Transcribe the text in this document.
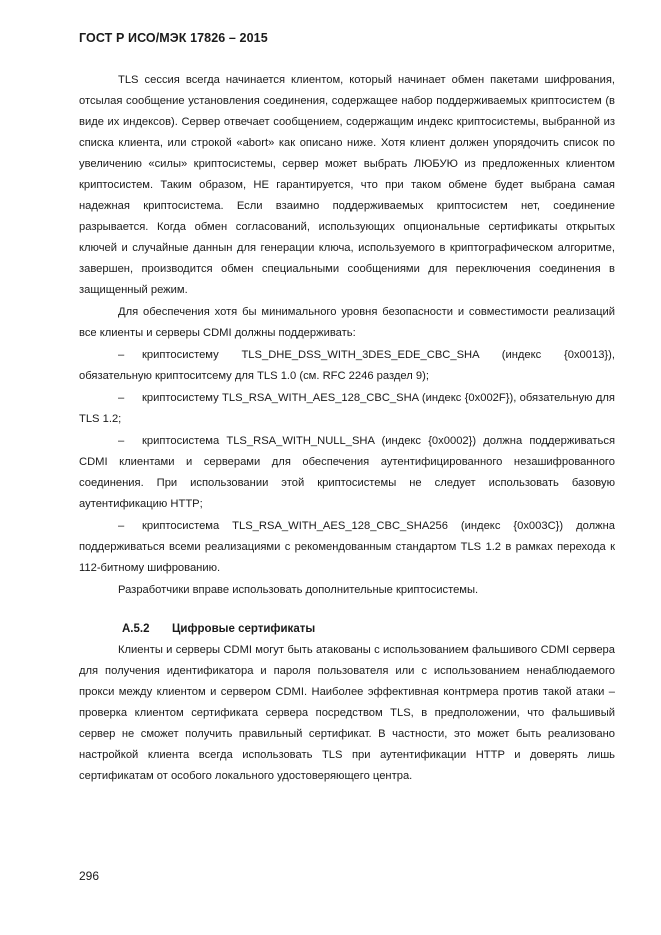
ГОСТ Р ИСО/МЭК 17826 – 2015

TLS сессия всегда начинается клиентом, который начинает обмен пакетами шифрования, отсылая сообщение установления соединения, содержащее набор поддерживаемых криптосистем (в виде их индексов). Сервер отвечает сообщением, содержащим индекс криптосистемы, выбранной из списка клиента, или строкой «abort» как описано ниже. Хотя клиент должен упорядочить список по увеличению «силы» криптосистемы, сервер может выбрать ЛЮБУЮ из предложенных клиентом криптосистем. Таким образом, НЕ гарантируется, что при таком обмене будет выбрана самая надежная криптосистема. Если взаимно поддерживаемых криптосистем нет, соединение разрывается. Когда обмен согласований, использующих опциональные сертификаты открытых ключей и случайные даннын для генерации ключа, используемого в криптографическом алгоритме, завершен, производится обмен специальными сообщениями для переключения соединения в защищенный режим.

Для обеспечения хотя бы минимального уровня безопасности и совместимости реализаций все клиенты и серверы CDMI должны поддерживать:

– криптосистему TLS_DHE_DSS_WITH_3DES_EDE_CBC_SHA (индекс {0x0013}), обязательную криптоситсему для TLS 1.0 (см. RFC 2246 раздел 9);

– криптосистему TLS_RSA_WITH_AES_128_CBC_SHA (индекс {0x002F}), обязательную для TLS 1.2;

– криптосистема TLS_RSA_WITH_NULL_SHA (индекс {0x0002}) должна поддерживаться CDMI клиентами и серверами для обеспечения аутентифицированного незашифрованного соединения. При использовании этой криптосистемы не следует использовать базовую аутентификацию HTTP;

– криптосистема TLS_RSA_WITH_AES_128_CBC_SHA256 (индекс {0x003C}) должна поддерживаться всеми реализациями с рекомендованным стандартом TLS 1.2 в рамках перехода к 112-битному шифрованию.

Разработчики вправе использовать дополнительные криптосистемы.

А.5.2 Цифровые сертификаты

Клиенты и серверы CDMI могут быть атакованы с использованием фальшивого CDMI сервера для получения идентификатора и пароля пользователя или с использованием ненаблюдаемого прокси между клиентом и сервером CDMI. Наиболее эффективная контрмера против такой атаки – проверка клиентом сертификата сервера посредством TLS, в предположении, что фальшивый сервер не сможет получить правильный сертификат. В частности, это может быть реализовано настройкой клиента всегда использовать TLS при аутентификации HTTP и доверять лишь сертификатам от особого локального удостоверяющего центра.

296
